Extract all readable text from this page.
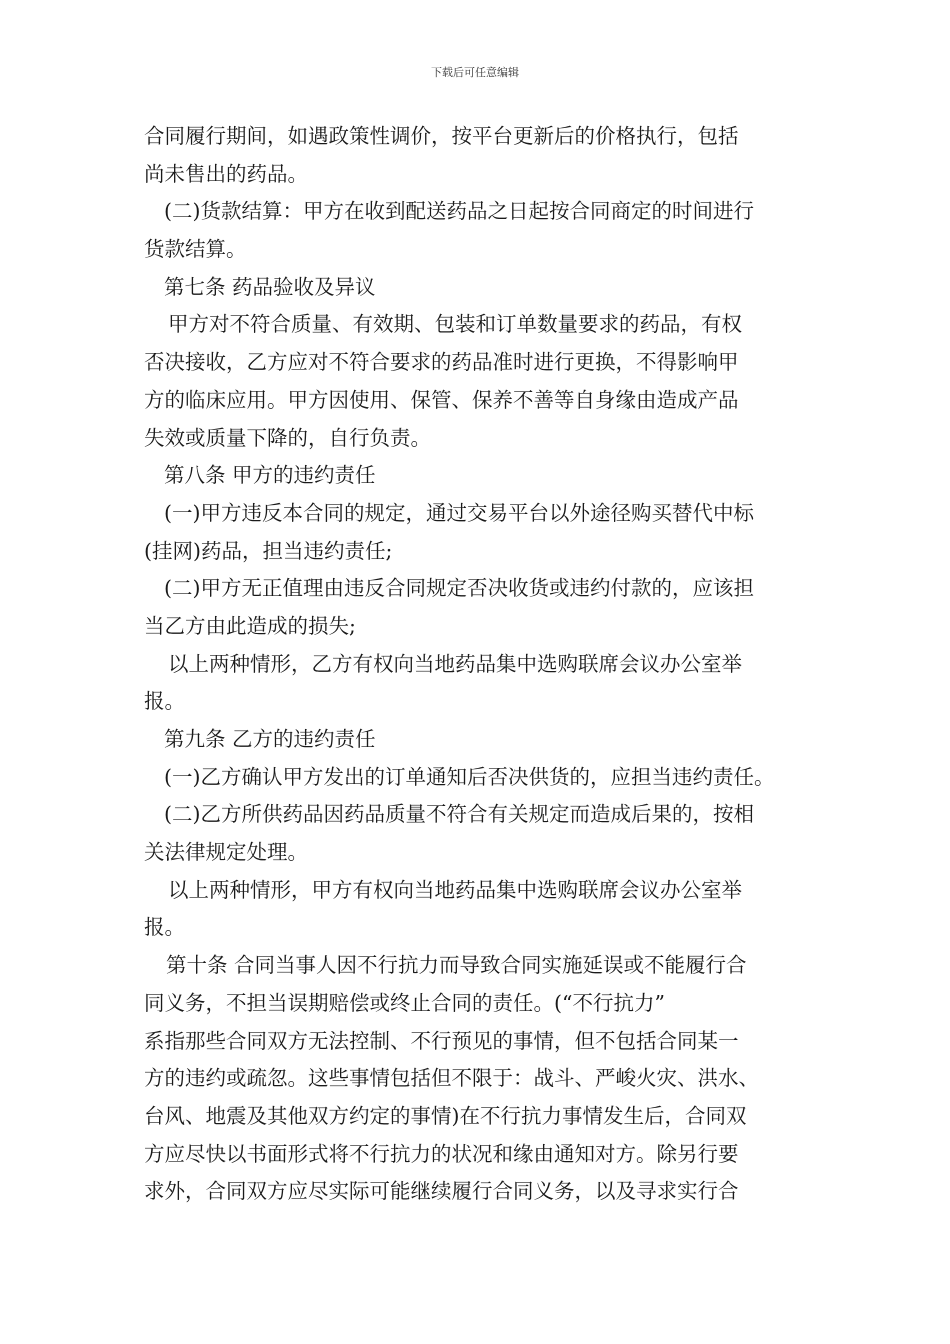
下载后可任意编辑
合同履行期间，如遇政策性调价，按平台更新后的价格执行，包括
尚未售出的药品。
(二)货款结算：甲方在收到配送药品之日起按合同商定的时间进行
货款结算。
第七条 药品验收及异议
甲方对不符合质量、有效期、包装和订单数量要求的药品，有权
否决接收，乙方应对不符合要求的药品准时进行更换，不得影响甲
方的临床应用。甲方因使用、保管、保养不善等自身缘由造成产品
失效或质量下降的，自行负责。
第八条 甲方的违约责任
(一)甲方违反本合同的规定，通过交易平台以外途径购买替代中标
(挂网)药品，担当违约责任;
(二)甲方无正值理由违反合同规定否决收货或违约付款的，应该担
当乙方由此造成的损失;
以上两种情形，乙方有权向当地药品集中选购联席会议办公室举
报。
第九条 乙方的违约责任
(一)乙方确认甲方发出的订单通知后否决供货的，应担当违约责任。
(二)乙方所供药品因药品质量不符合有关规定而造成后果的，按相
关法律规定处理。
以上两种情形，甲方有权向当地药品集中选购联席会议办公室举
报。
第十条 合同当事人因不行抗力而导致合同实施延误或不能履行合
同义务，不担当误期赔偿或终止合同的责任。(“不行抗力”
系指那些合同双方无法控制、不行预见的事情，但不包括合同某一
方的违约或疏忽。这些事情包括但不限于：战斗、严峻火灾、洪水、
台风、地震及其他双方约定的事情)在不行抗力事情发生后，合同双
方应尽快以书面形式将不行抗力的状况和缘由通知对方。除另行要
求外，合同双方应尽实际可能继续履行合同义务，以及寻求实行合
